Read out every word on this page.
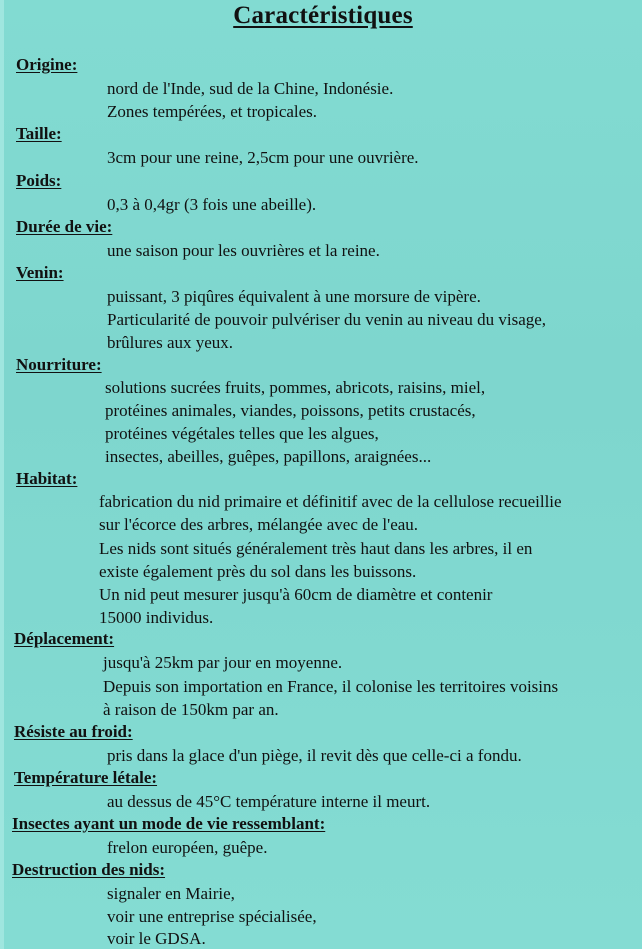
Caractéristiques
Origine:
nord de l'Inde, sud de la Chine, Indonésie.
Zones tempérées, et tropicales.
Taille:
3cm pour une reine, 2,5cm pour une ouvrière.
Poids:
0,3 à 0,4gr (3 fois une abeille).
Durée de vie:
une saison pour les ouvrières et la reine.
Venin:
puissant, 3 piqûres équivalent à une morsure de vipère.
Particularité de pouvoir pulvériser du venin au niveau du visage,
brûlures aux yeux.
Nourriture:
solutions sucrées fruits, pommes, abricots, raisins, miel,
protéines animales, viandes, poissons, petits crustacés,
protéines végétales telles que les algues,
insectes, abeilles, guêpes, papillons, araignées...
Habitat:
fabrication du nid primaire et définitif avec de la cellulose recueillie
sur l'écorce des arbres, mélangée avec de l'eau.
Les nids sont situés généralement très haut dans les arbres, il en
existe également près du sol dans les buissons.
Un nid peut mesurer jusqu'à 60cm de diamètre et contenir
15000 individus.
Déplacement:
jusqu'à 25km par jour en moyenne.
Depuis son importation en France, il colonise les territoires voisins
à raison de 150km par an.
Résiste au froid:
pris dans la glace d'un piège, il revit dès que celle-ci a fondu.
Température létale:
au dessus de 45°C température interne il meurt.
Insectes ayant un mode de vie ressemblant:
frelon européen, guêpe.
Destruction des nids:
signaler en Mairie,
voir une entreprise spécialisée,
voir le GDSA.
